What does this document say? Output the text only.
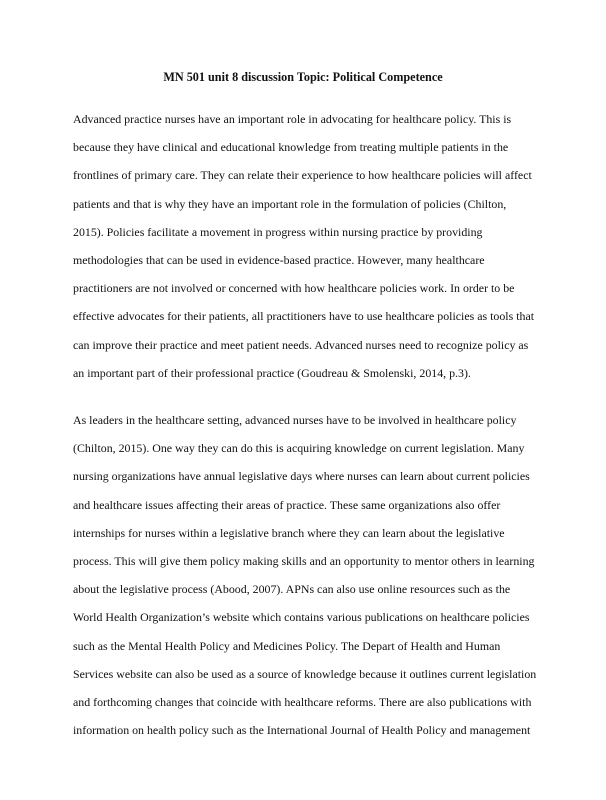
MN 501 unit 8 discussion Topic: Political Competence

Advanced practice nurses have an important role in advocating for healthcare policy. This is
because they have clinical and educational knowledge from treating multiple patients in the
frontlines of primary care. They can relate their experience to how healthcare policies will affect
patients and that is why they have an important role in the formulation of policies (Chilton,
2015). Policies facilitate a movement in progress within nursing practice by providing
methodologies that can be used in evidence-based practice. However, many healthcare
practitioners are not involved or concerned with how healthcare policies work. In order to be
effective advocates for their patients, all practitioners have to use healthcare policies as tools that
can improve their practice and meet patient needs. Advanced nurses need to recognize policy as
an important part of their professional practice (Goudreau & Smolenski, 2014, p.3).

As leaders in the healthcare setting, advanced nurses have to be involved in healthcare policy
(Chilton, 2015). One way they can do this is acquiring knowledge on current legislation. Many
nursing organizations have annual legislative days where nurses can learn about current policies
and healthcare issues affecting their areas of practice. These same organizations also offer
internships for nurses within a legislative branch where they can learn about the legislative
process. This will give them policy making skills and an opportunity to mentor others in learning
about the legislative process (Abood, 2007). APNs can also use online resources such as the
World Health Organization’s website which contains various publications on healthcare policies
such as the Mental Health Policy and Medicines Policy. The Depart of Health and Human
Services website can also be used as a source of knowledge because it outlines current legislation
and forthcoming changes that coincide with healthcare reforms. There are also publications with
information on health policy such as the International Journal of Health Policy and management
